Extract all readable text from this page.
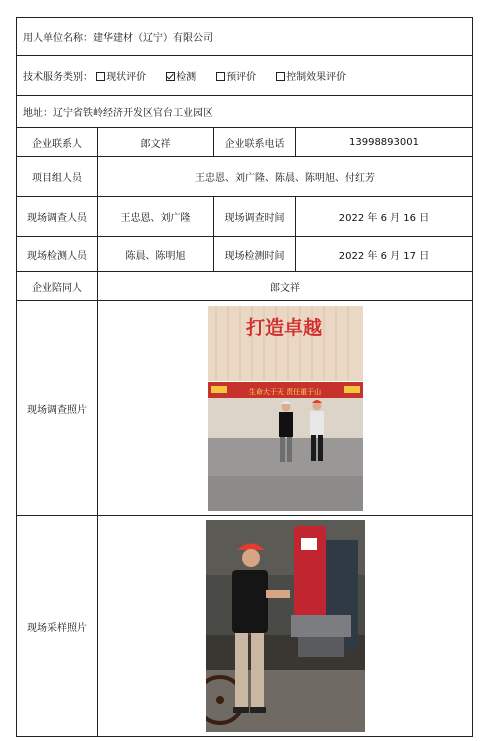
用人单位名称：建华建材（辽宁）有限公司			
技术服务类别： 现状评价 检测 预评价 控制效果评价			
地址：辽宁省铁岭经济开发区官台工业园区			
企业联系人	郎文祥	企业联系电话	13998893001
项目组人员	王忠恩、刘广隆、陈晨、陈明旭、付红芳		
现场调查人员	王忠恩、刘广隆	现场调查时间	2022 年 6 月 16 日
现场检测人员	陈晨、陈明旭	现场检测时间	2022 年 6 月 17 日
企业陪同人	郎文祥		
现场调查照片	打造卓越
生命大于天 责任重于山		

现场采样照片	
